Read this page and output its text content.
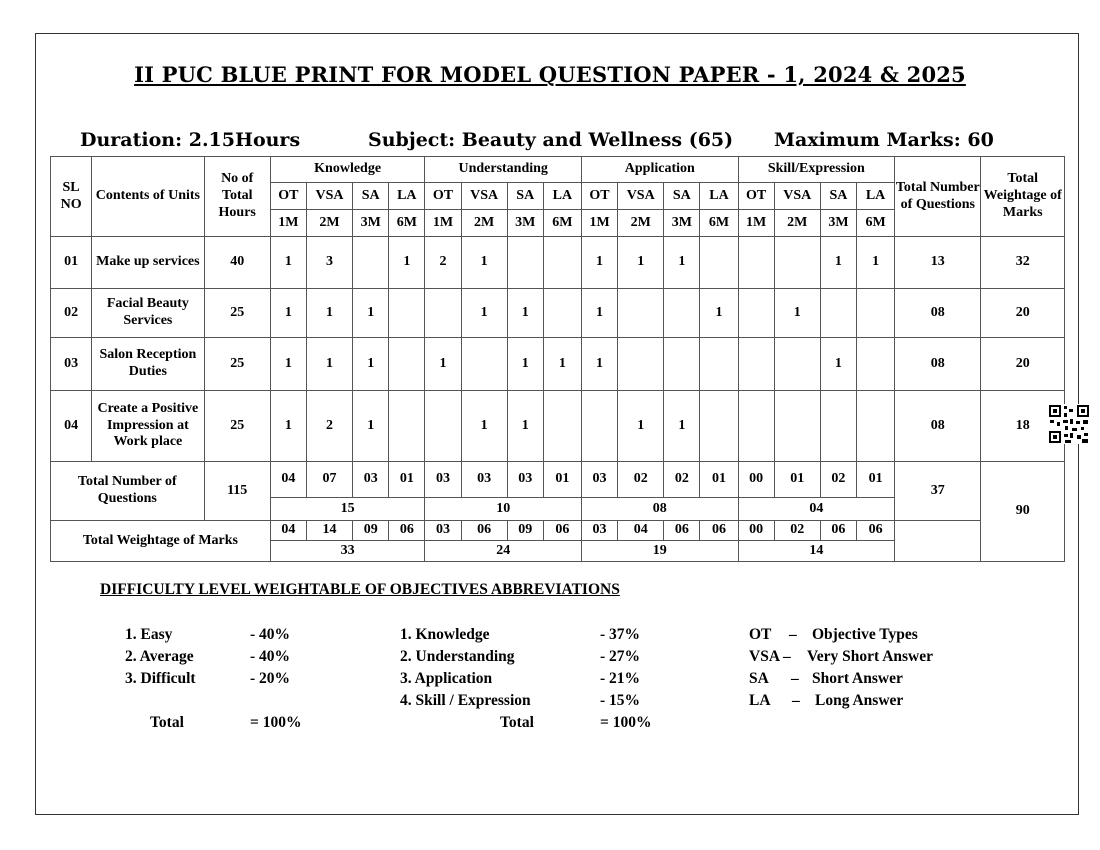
II PUC BLUE PRINT FOR MODEL QUESTION PAPER - 1, 2024 & 2025
Duration: 2.15Hours	Subject: Beauty and Wellness (65) Maximum Marks: 60
SL NO	Contents of Units	No of Total Hours	Knowledge				Understanding				Application				Skill/Expression				Total Number of Questions	Total Weightage of Marks
			OT	VSA	SA	LA	OT	VSA	SA	LA	OT	VSA	SA	LA	OT	VSA	SA	LA		
			1M	2M	3M	6M	1M	2M	3M	6M	1M	2M	3M	6M	1M	2M	3M	6M		
01	Make up services	40	1	3		1	2	1			1	1	1				1	1	13	32
02	Facial Beauty Services	25	1	1	1			1	1		1			1		1			08	20
03	Salon Reception Duties	25	1	1	1		1		1	1	1						1		08	20
04	Create a Positive Impression at Work place	25	1	2	1			1	1			1	1						08	18
Total Number of Questions		115	04	07	03	01	03	03	03	01	03	02	02	01	00	01	02	01	37	90
			15				10				08				04					
Total Weightage of Marks			04	14	09	06	03	06	09	06	03	04	06	06	00	02	06	06		
			33				24				19				14					
DIFFICULTY LEVEL WEIGHTABLE OF OBJECTIVES ABBREVIATIONS
1. Easy	- 40%
2. Average	- 40%
3. Difficult	- 20%
Total	= 100%
1. Knowledge	- 37%
2. Understanding	- 27%
3. Application	- 21%
4. Skill / Expression	- 15%
Total	= 100%
OT – Objective Types
VSA – Very Short Answer
SA – Short Answer
LA – Long Answer
